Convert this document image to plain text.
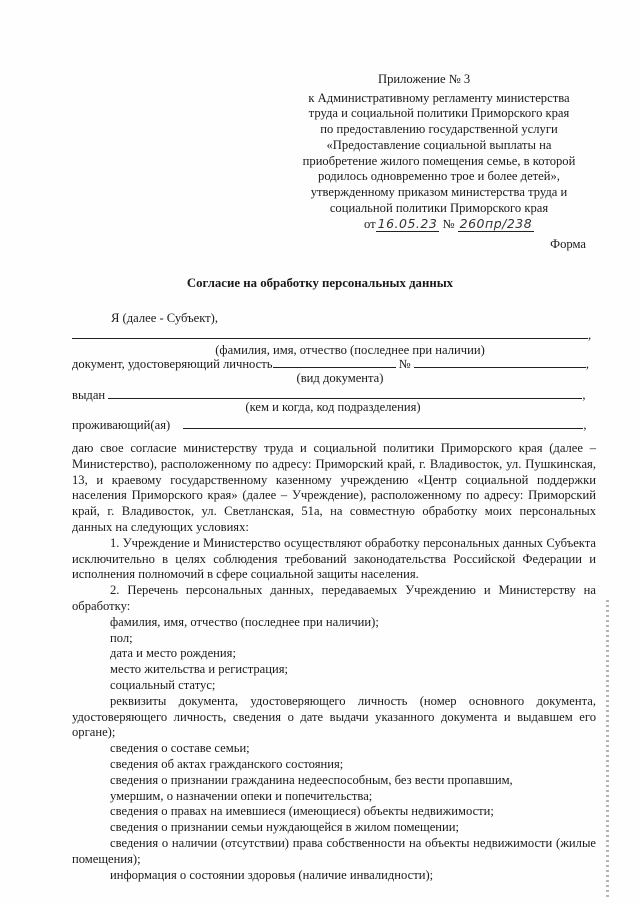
Приложение № 3
к Административному регламенту министерства
труда и социальной политики Приморского края
по предоставлению государственной услуги
«Предоставление социальной выплаты на
приобретение жилого помещения семье, в которой
родилось одновременно трое и более детей»,
утвержденному приказом министерства труда и
социальной политики Приморского края
от 16.05.23 № 260пр/238
Форма
Согласие на обработку персональных данных
Я (далее - Субъект),
,
(фамилия, имя, отчество (последнее при наличии)
документ, удостоверяющий личность	№	,
(вид документа)
выдан	,
(кем и когда, код подразделения)
проживающий(ая)	,

даю свое согласие министерству труда и социальной политики Приморского края (далее – Министерство), расположенному по адресу: Приморский край, г. Владивосток, ул. Пушкинская, 13, и краевому государственному казенному учреждению «Центр социальной поддержки населения Приморского края» (далее – Учреждение), расположенному по адресу: Приморский край, г. Владивосток, ул. Светланская, 51а, на совместную обработку моих персональных данных на следующих условиях:

1. Учреждение и Министерство осуществляют обработку персональных данных Субъекта исключительно в целях соблюдения требований законодательства Российской Федерации и исполнения полномочий в сфере социальной защиты населения.

2. Перечень персональных данных, передаваемых Учреждению и Министерству на обработку:

фамилия, имя, отчество (последнее при наличии);

пол;

дата и место рождения;

место жительства и регистрация;

социальный статус;

реквизиты документа, удостоверяющего личность (номер основного документа, удостоверяющего личность, сведения о дате выдачи указанного документа и выдавшем его органе);

сведения о составе семьи;

сведения об актах гражданского состояния;

сведения о признании гражданина недееспособным, без вести пропавшим,

умершим, о назначении опеки и попечительства;

сведения о правах на имевшиеся (имеющиеся) объекты недвижимости;

сведения о признании семьи нуждающейся в жилом помещении;

сведения о наличии (отсутствии) права собственности на объекты недвижимости (жилые помещения);

информация о состоянии здоровья (наличие инвалидности);
